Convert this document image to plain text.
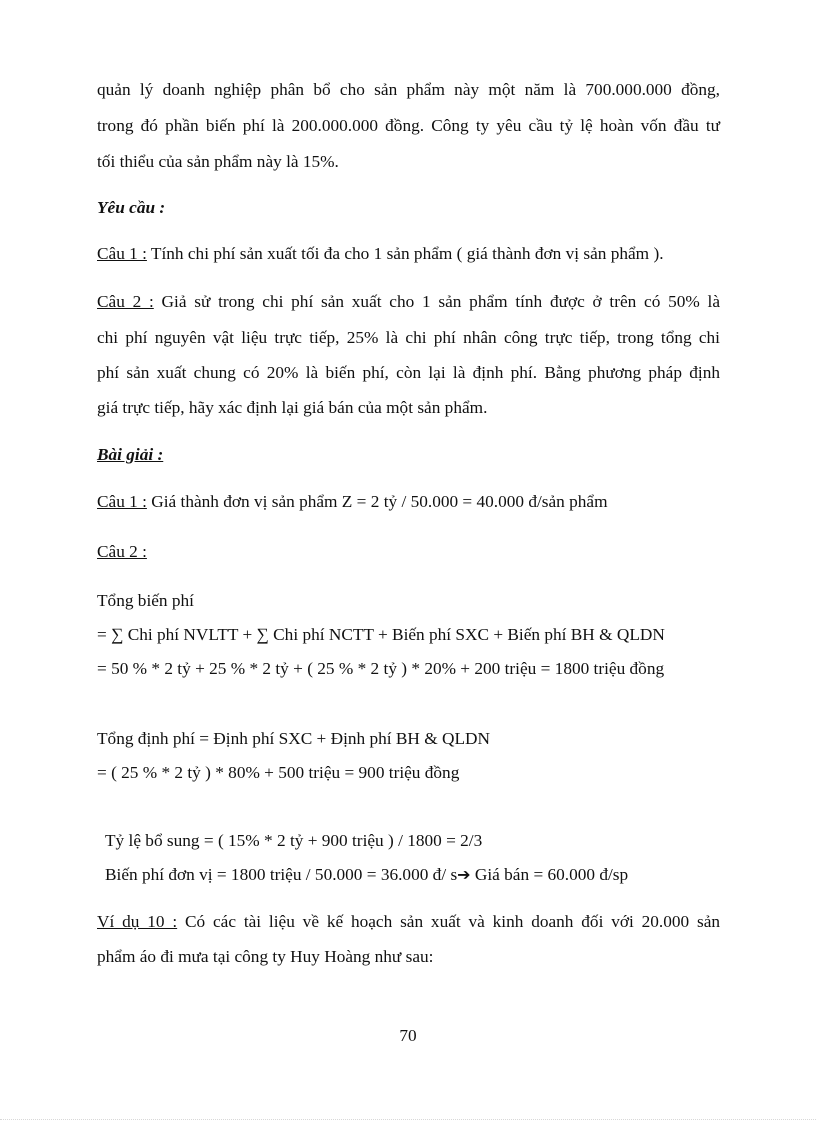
quản lý doanh nghiệp phân bổ cho sản phẩm này một năm là 700.000.000 đồng,
trong đó phần biến phí là 200.000.000 đồng. Công ty yêu cầu tỷ lệ hoàn vốn đầu tư
tối thiểu của sản phẩm này là 15%.
Yêu cầu :
Câu 1 : Tính chi phí sản xuất tối đa cho 1 sản phẩm ( giá thành đơn vị sản phẩm ).
Câu 2 : Giả sử trong chi phí sản xuất cho 1 sản phẩm tính được ở trên có 50% là
chi phí nguyên vật liệu trực tiếp, 25% là chi phí nhân công trực tiếp, trong tổng chi
phí sản xuất chung có 20% là biến phí, còn lại là định phí. Bằng phương pháp định
giá trực tiếp, hãy xác định lại giá bán của một sản phẩm.
Bài giải :
Câu 1 : Giá thành đơn vị sản phẩm Z = 2 tỷ / 50.000 = 40.000 đ/sản phẩm
Câu 2 :
Tổng biến phí
= ∑ Chi phí NVLTT + ∑ Chi phí NCTT + Biến phí SXC + Biến phí BH & QLDN
= 50 % * 2 tỷ + 25 % * 2 tỷ + ( 25 % * 2 tỷ ) * 20% + 200 triệu = 1800 triệu đồng
Tổng định phí = Định phí SXC + Định phí BH & QLDN
= ( 25 % * 2 tỷ ) * 80% + 500 triệu = 900 triệu đồng
Tỷ lệ bổ sung = ( 15% * 2 tỷ + 900 triệu ) / 1800 = 2/3
Biến phí đơn vị = 1800 triệu / 50.000 = 36.000 đ/ s➔ Giá bán = 60.000 đ/sp
Ví dụ 10 : Có các tài liệu về kế hoạch sản xuất và kinh doanh đối với 20.000 sản
phẩm áo đi mưa tại công ty Huy Hoàng như sau:
70
